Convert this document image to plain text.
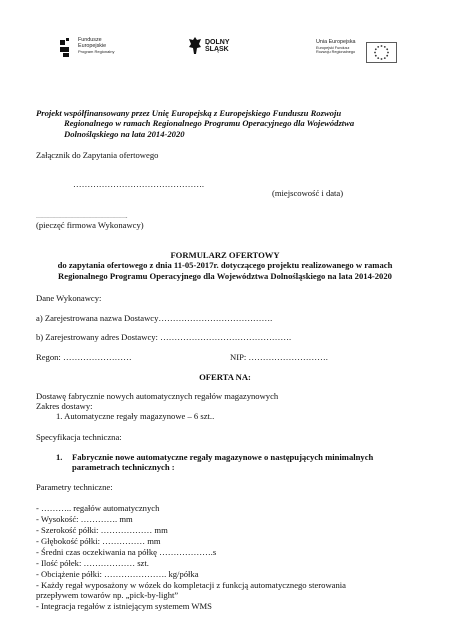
Fundusze
Europejskie
Program Regionalny
DOLNY
ŚLĄSK
Unia Europejska
Europejski Fundusz
Rozwoju Regionalnego
Projekt współfinansowany przez Unię Europejską z Europejskiego Funduszu Rozwoju
Regionalnego w ramach Regionalnego Programu Operacyjnego dla Województwa
Dolnośląskiego na lata 2014-2020
Załącznik do Zapytania ofertowego
……………………………………….
(miejscowość i data)
……………………………………….
(pieczęć firmowa Wykonawcy)
FORMULARZ OFERTOWY
do zapytania ofertowego z dnia 11-05-2017r. dotyczącego projektu realizowanego w ramach
Regionalnego Programu Operacyjnego dla Województwa Dolnośląskiego na lata 2014-2020
Dane Wykonawcy:
a) Zarejestrowana nazwa Dostawcy………………………………….
b) Zarejestrowany adres Dostawcy: ……………………………………….
Regon: ……………………	NIP: ……………………….
OFERTA NA:
Dostawę fabrycznie nowych automatycznych regałów magazynowych
Zakres dostawy:
1. Automatyczne regały magazynowe – 6 szt..
Specyfikacja techniczna:
1. Fabrycznie nowe automatyczne regały magazynowe o następujących minimalnych
parametrach technicznych :
Parametry techniczne:
- ……….. regałów automatycznych
- Wysokość: …………. mm
- Szerokość półki: ……………… mm
- Głębokość półki: …………… mm
- Średni czas oczekiwania na półkę ……………….s
- Ilość półek: ……………… szt.
- Obciążenie półki: …………………. kg/półka
- Każdy regał wyposażony w wózek do kompletacji z funkcją automatycznego sterowania
przepływem towarów np. „pick-by-light”
- Integracja regałów z istniejącym systemem WMS
